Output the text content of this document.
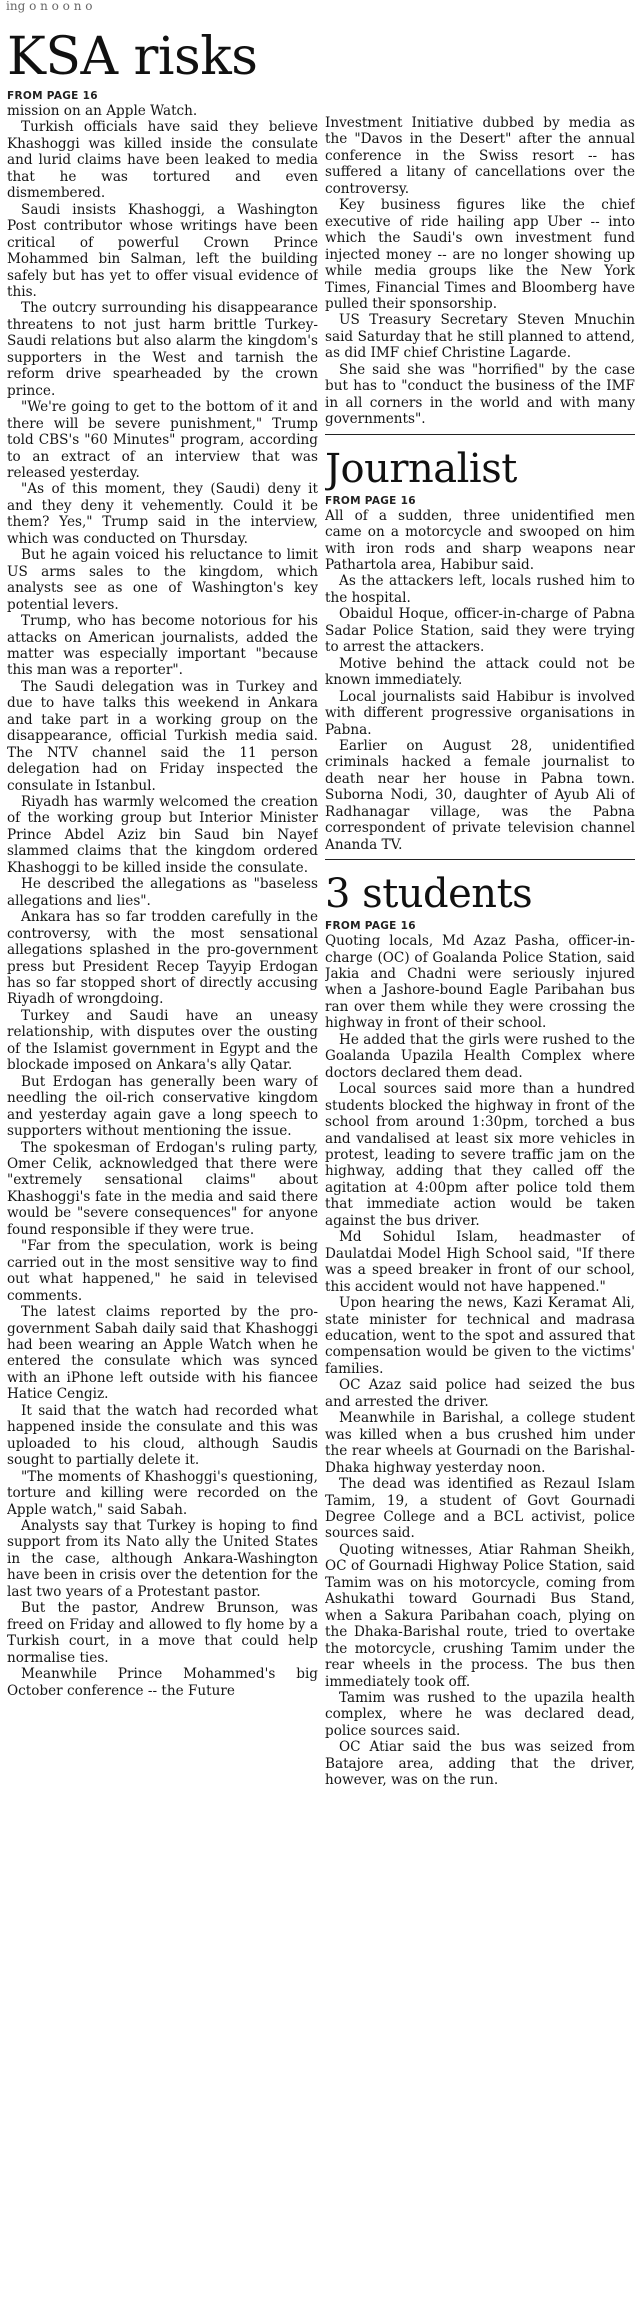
ing o n o o n o
KSA risks
FROM PAGE 16

mission on an Apple Watch.

Turkish officials have said they believe Khashoggi was killed inside the consulate and lurid claims have been leaked to media that he was tortured and even dismembered.

Saudi insists Khashoggi, a Washington Post contributor whose writings have been critical of powerful Crown Prince Mohammed bin Salman, left the building safely but has yet to offer visual evidence of this.

The outcry surrounding his disappearance threatens to not just harm brittle Turkey-Saudi relations but also alarm the kingdom's supporters in the West and tarnish the reform drive spearheaded by the crown prince.

"We're going to get to the bottom of it and there will be severe punishment," Trump told CBS's "60 Minutes" program, according to an extract of an interview that was released yesterday.

"As of this moment, they (Saudi) deny it and they deny it vehemently. Could it be them? Yes," Trump said in the interview, which was conducted on Thursday.

But he again voiced his reluctance to limit US arms sales to the kingdom, which analysts see as one of Washington's key potential levers.

Trump, who has become notorious for his attacks on American journalists, added the matter was especially important "because this man was a reporter".

The Saudi delegation was in Turkey and due to have talks this weekend in Ankara and take part in a working group on the disappearance, official Turkish media said. The NTV channel said the 11 person delegation had on Friday inspected the consulate in Istanbul.

Riyadh has warmly welcomed the creation of the working group but Interior Minister Prince Abdel Aziz bin Saud bin Nayef slammed claims that the kingdom ordered Khashoggi to be killed inside the consulate.

He described the allegations as "baseless allegations and lies".

Ankara has so far trodden carefully in the controversy, with the most sensational allegations splashed in the pro-government press but President Recep Tayyip Erdogan has so far stopped short of directly accusing Riyadh of wrongdoing.

Turkey and Saudi have an uneasy relationship, with disputes over the ousting of the Islamist government in Egypt and the blockade imposed on Ankara's ally Qatar.

But Erdogan has generally been wary of needling the oil-rich conservative kingdom and yesterday again gave a long speech to supporters without mentioning the issue.

The spokesman of Erdogan's ruling party, Omer Celik, acknowledged that there were "extremely sensational claims" about Khashoggi's fate in the media and said there would be "severe consequences" for anyone found responsible if they were true.

"Far from the speculation, work is being carried out in the most sensitive way to find out what happened," he said in televised comments.

The latest claims reported by the pro-government Sabah daily said that Khashoggi had been wearing an Apple Watch when he entered the consulate which was synced with an iPhone left outside with his fiancee Hatice Cengiz.

It said that the watch had recorded what happened inside the consulate and this was uploaded to his cloud, although Saudis sought to partially delete it.

"The moments of Khashoggi's questioning, torture and killing were recorded on the Apple watch," said Sabah.

Analysts say that Turkey is hoping to find support from its Nato ally the United States in the case, although Ankara-Washington have been in crisis over the detention for the last two years of a Protestant pastor.

But the pastor, Andrew Brunson, was freed on Friday and allowed to fly home by a Turkish court, in a move that could help normalise ties.

Meanwhile Prince Mohammed's big October conference -- the Future

Investment Initiative dubbed by media as the "Davos in the Desert" after the annual conference in the Swiss resort -- has suffered a litany of cancellations over the controversy.

Key business figures like the chief executive of ride hailing app Uber -- into which the Saudi's own investment fund injected money -- are no longer showing up while media groups like the New York Times, Financial Times and Bloomberg have pulled their sponsorship.

US Treasury Secretary Steven Mnuchin said Saturday that he still planned to attend, as did IMF chief Christine Lagarde.

She said she was "horrified" by the case but has to "conduct the business of the IMF in all corners in the world and with many governments".

Journalist
FROM PAGE 16

All of a sudden, three unidentified men came on a motorcycle and swooped on him with iron rods and sharp weapons near Pathartola area, Habibur said.

As the attackers left, locals rushed him to the hospital.

Obaidul Hoque, officer-in-charge of Pabna Sadar Police Station, said they were trying to arrest the attackers.

Motive behind the attack could not be known immediately.

Local journalists said Habibur is involved with different progressive organisations in Pabna.

Earlier on August 28, unidentified criminals hacked a female journalist to death near her house in Pabna town. Suborna Nodi, 30, daughter of Ayub Ali of Radhanagar village, was the Pabna correspondent of private television channel Ananda TV.

3 students
FROM PAGE 16

Quoting locals, Md Azaz Pasha, officer-in-charge (OC) of Goalanda Police Station, said Jakia and Chadni were seriously injured when a Jashore-bound Eagle Paribahan bus ran over them while they were crossing the highway in front of their school.

He added that the girls were rushed to the Goalanda Upazila Health Complex where doctors declared them dead.

Local sources said more than a hundred students blocked the highway in front of the school from around 1:30pm, torched a bus and vandalised at least six more vehicles in protest, leading to severe traffic jam on the highway, adding that they called off the agitation at 4:00pm after police told them that immediate action would be taken against the bus driver.

Md Sohidul Islam, headmaster of Daulatdai Model High School said, "If there was a speed breaker in front of our school, this accident would not have happened."

Upon hearing the news, Kazi Keramat Ali, state minister for technical and madrasa education, went to the spot and assured that compensation would be given to the victims' families.

OC Azaz said police had seized the bus and arrested the driver.

Meanwhile in Barishal, a college student was killed when a bus crushed him under the rear wheels at Gournadi on the Barishal-Dhaka highway yesterday noon.

The dead was identified as Rezaul Islam Tamim, 19, a student of Govt Gournadi Degree College and a BCL activist, police sources said.

Quoting witnesses, Atiar Rahman Sheikh, OC of Gournadi Highway Police Station, said Tamim was on his motorcycle, coming from Ashukathi toward Gournadi Bus Stand, when a Sakura Paribahan coach, plying on the Dhaka-Barishal route, tried to overtake the motorcycle, crushing Tamim under the rear wheels in the process. The bus then immediately took off.

Tamim was rushed to the upazila health complex, where he was declared dead, police sources said.

OC Atiar said the bus was seized from Batajore area, adding that the driver, however, was on the run.
